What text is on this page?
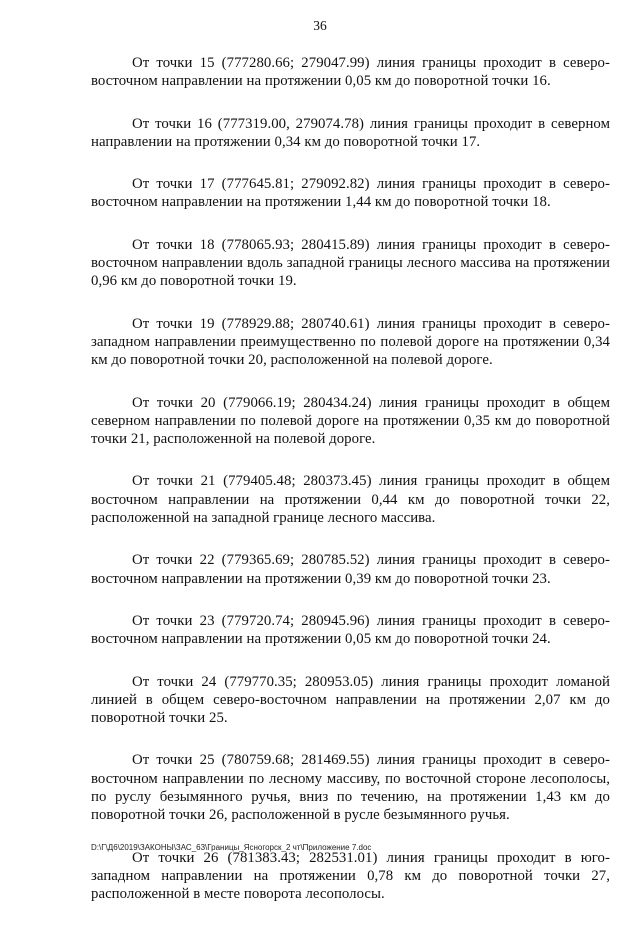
36

От точки 15 (777280.66; 279047.99) линия границы проходит в северо-восточном направлении на протяжении 0,05 км до поворотной точки 16.

От точки 16 (777319.00, 279074.78) линия границы проходит в северном направлении на протяжении 0,34 км до поворотной точки 17.

От точки 17 (777645.81; 279092.82) линия границы проходит в северо-восточном направлении на протяжении 1,44 км до поворотной точки 18.

От точки 18 (778065.93; 280415.89) линия границы проходит в северо-восточном направлении вдоль западной границы лесного массива на протяжении 0,96 км до поворотной точки 19.

От точки 19 (778929.88; 280740.61) линия границы проходит в северо-западном направлении преимущественно по полевой дороге на протяжении 0,34 км до поворотной точки 20, расположенной на полевой дороге.

От точки 20 (779066.19; 280434.24) линия границы проходит в общем северном направлении по полевой дороге на протяжении 0,35 км до поворотной точки 21, расположенной на полевой дороге.

От точки 21 (779405.48; 280373.45) линия границы проходит в общем восточном направлении на протяжении 0,44 км до поворотной точки 22, расположенной на западной границе лесного массива.

От точки 22 (779365.69; 280785.52) линия границы проходит в северо-восточном направлении на протяжении 0,39 км до поворотной точки 23.

От точки 23 (779720.74; 280945.96) линия границы проходит в северо-восточном направлении на протяжении 0,05 км до поворотной точки 24.

От точки 24 (779770.35; 280953.05) линия границы проходит ломаной линией в общем северо-восточном направлении на протяжении 2,07 км до поворотной точки 25.

От точки 25 (780759.68; 281469.55) линия границы проходит в северо-восточном направлении по лесному массиву, по восточной стороне лесополосы, по руслу безымянного ручья, вниз по течению, на протяжении 1,43 км до поворотной точки 26, расположенной в русле безымянного ручья.

От точки 26 (781383.43; 282531.01) линия границы проходит в юго-западном направлении на протяжении 0,78 км до поворотной точки 27, расположенной в месте поворота лесополосы.

D:\Г\Д6\2019\ЗАКОНЫ\ЗАС_63\Границы_Ясногорск_2 чт\Приложение 7.doc
